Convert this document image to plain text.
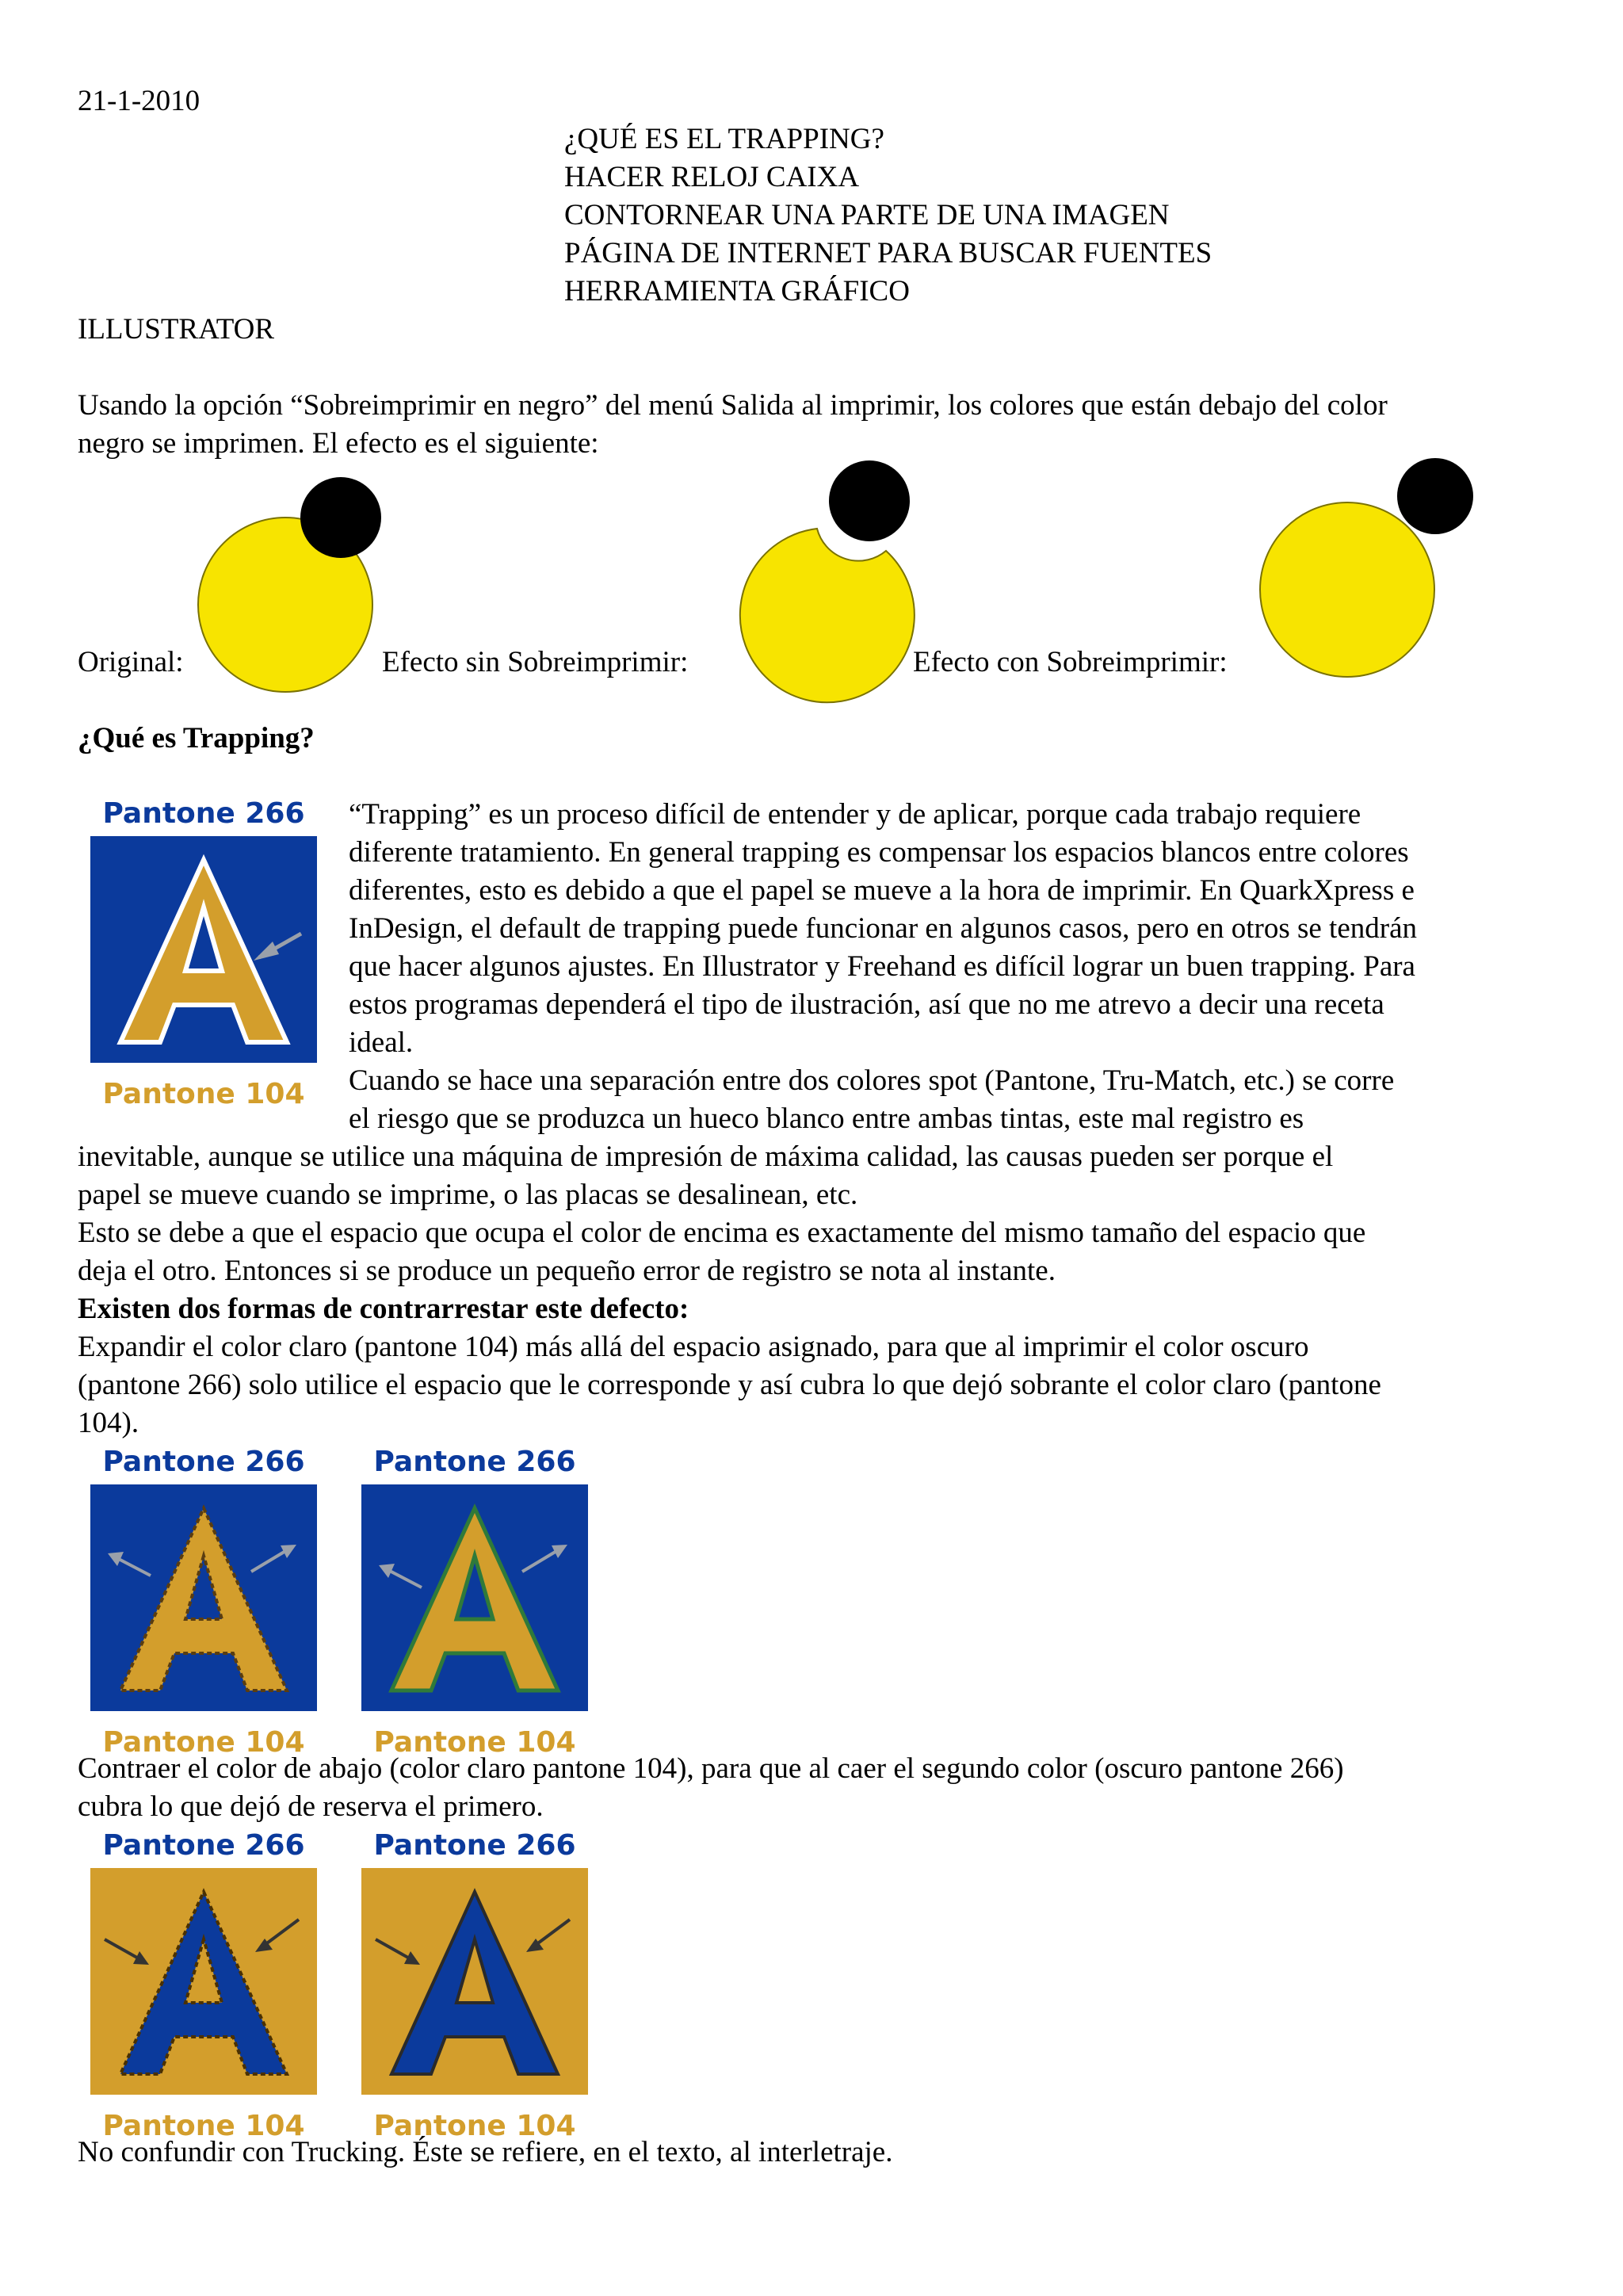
21-1-2010
¿QUÉ ES EL TRAPPING?
HACER RELOJ CAIXA
CONTORNEAR UNA PARTE DE UNA IMAGEN
PÁGINA DE INTERNET PARA BUSCAR FUENTES
HERRAMIENTA GRÁFICO
ILLUSTRATOR
Usando la opción “Sobreimprimir en negro” del menú Salida al imprimir, los colores que están debajo del color
negro se imprimen. El efecto es el siguiente:
Original:	Efecto sin Sobreimprimir:	Efecto con Sobreimprimir:
¿Qué es Trapping?
Pantone 266
Pantone 104
“Trapping” es un proceso difícil de entender y de aplicar, porque cada trabajo requiere
diferente tratamiento. En general trapping es compensar los espacios blancos entre colores
diferentes, esto es debido a que el papel se mueve a la hora de imprimir. En QuarkXpress e
InDesign, el default de trapping puede funcionar en algunos casos, pero en otros se tendrán
que hacer algunos ajustes. En Illustrator y Freehand es difícil lograr un buen trapping. Para
estos programas dependerá el tipo de ilustración, así que no me atrevo a decir una receta
ideal.
Cuando se hace una separación entre dos colores spot (Pantone, Tru-Match, etc.) se corre
el riesgo que se produzca un hueco blanco entre ambas tintas, este mal registro es
inevitable, aunque se utilice una máquina de impresión de máxima calidad, las causas pueden ser porque el
papel se mueve cuando se imprime, o las placas se desalinean, etc.
Esto se debe a que el espacio que ocupa el color de encima es exactamente del mismo tamaño del espacio que
deja el otro. Entonces si se produce un pequeño error de registro se nota al instante.
Existen dos formas de contrarrestar este defecto:
Expandir el color claro (pantone 104) más allá del espacio asignado, para que al imprimir el color oscuro
(pantone 266) solo utilice el espacio que le corresponde y así cubra lo que dejó sobrante el color claro (pantone
104).
Pantone 266
Pantone 104
Pantone 266
Pantone 104
Contraer el color de abajo (color claro pantone 104), para que al caer el segundo color (oscuro pantone 266)
cubra lo que dejó de reserva el primero.
Pantone 266
Pantone 104
Pantone 266
Pantone 104
No confundir con Trucking. Éste se refiere, en el texto, al interletraje.
